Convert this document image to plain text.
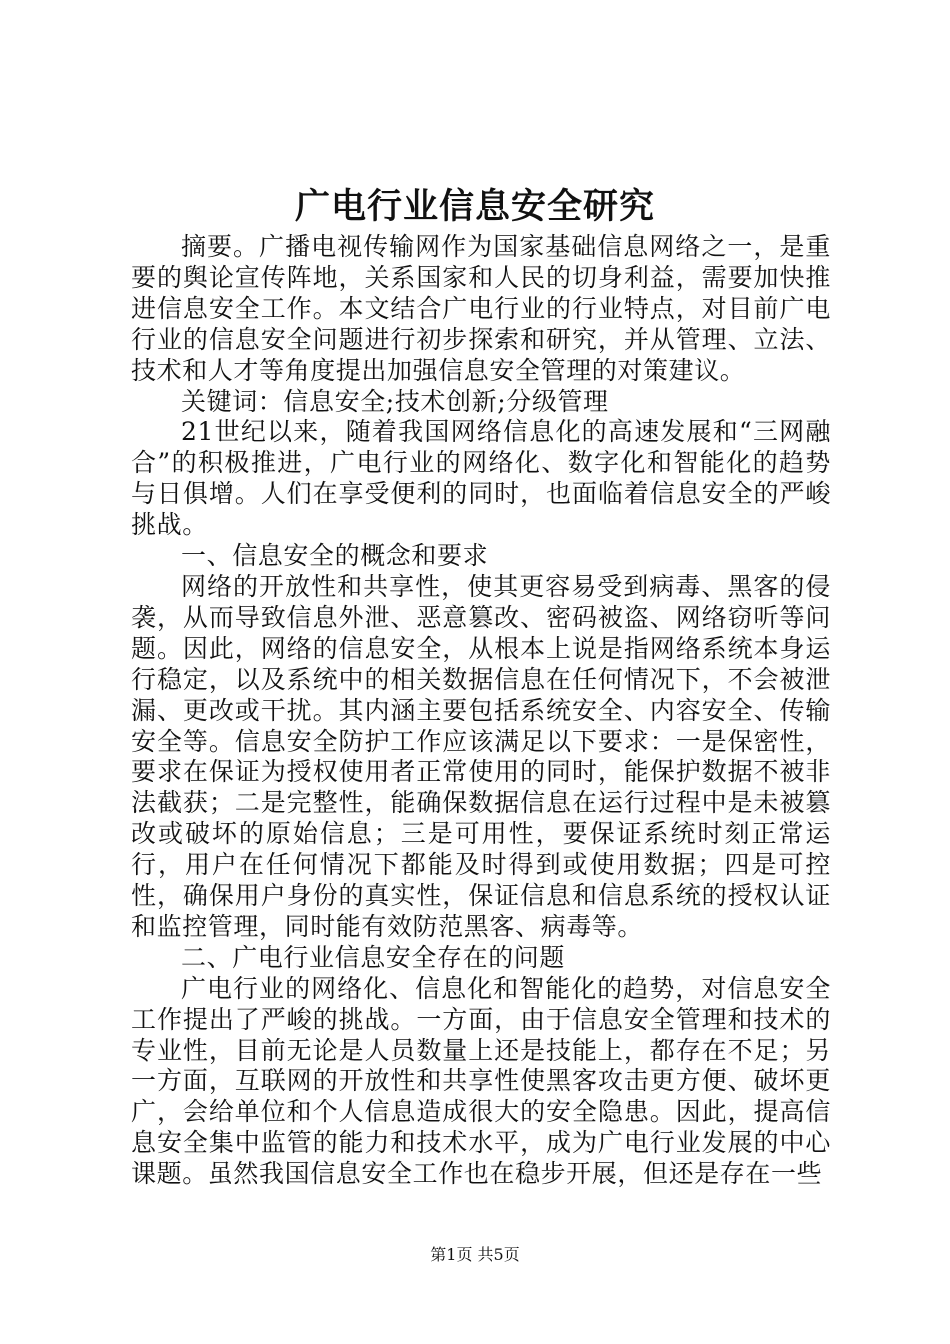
广电行业信息安全研究

摘要。广播电视传输网作为国家基础信息网络之一，是重要的舆论宣传阵地，关系国家和人民的切身利益，需要加快推进信息安全工作。本文结合广电行业的行业特点，对目前广电行业的信息安全问题进行初步探索和研究，并从管理、立法、技术和人才等角度提出加强信息安全管理的对策建议。

关键词：信息安全;技术创新;分级管理

21世纪以来，随着我国网络信息化的高速发展和“三网融合”的积极推进，广电行业的网络化、数字化和智能化的趋势与日俱增。人们在享受便利的同时，也面临着信息安全的严峻挑战。

一、信息安全的概念和要求

网络的开放性和共享性，使其更容易受到病毒、黑客的侵袭，从而导致信息外泄、恶意篡改、密码被盗、网络窃听等问题。因此，网络的信息安全，从根本上说是指网络系统本身运行稳定，以及系统中的相关数据信息在任何情况下，不会被泄漏、更改或干扰。其内涵主要包括系统安全、内容安全、传输安全等。信息安全防护工作应该满足以下要求：一是保密性，要求在保证为授权使用者正常使用的同时，能保护数据不被非法截获；二是完整性，能确保数据信息在运行过程中是未被篡改或破坏的原始信息；三是可用性，要保证系统时刻正常运行，用户在任何情况下都能及时得到或使用数据；四是可控性，确保用户身份的真实性，保证信息和信息系统的授权认证和监控管理，同时能有效防范黑客、病毒等。

二、广电行业信息安全存在的问题

广电行业的网络化、信息化和智能化的趋势，对信息安全工作提出了严峻的挑战。一方面，由于信息安全管理和技术的专业性，目前无论是人员数量上还是技能上，都存在不足；另一方面，互联网的开放性和共享性使黑客攻击更方便、破坏更广，会给单位和个人信息造成很大的安全隐患。因此，提高信息安全集中监管的能力和技术水平，成为广电行业发展的中心课题。虽然我国信息安全工作也在稳步开展，但还是存在一些

第1页 共5页
